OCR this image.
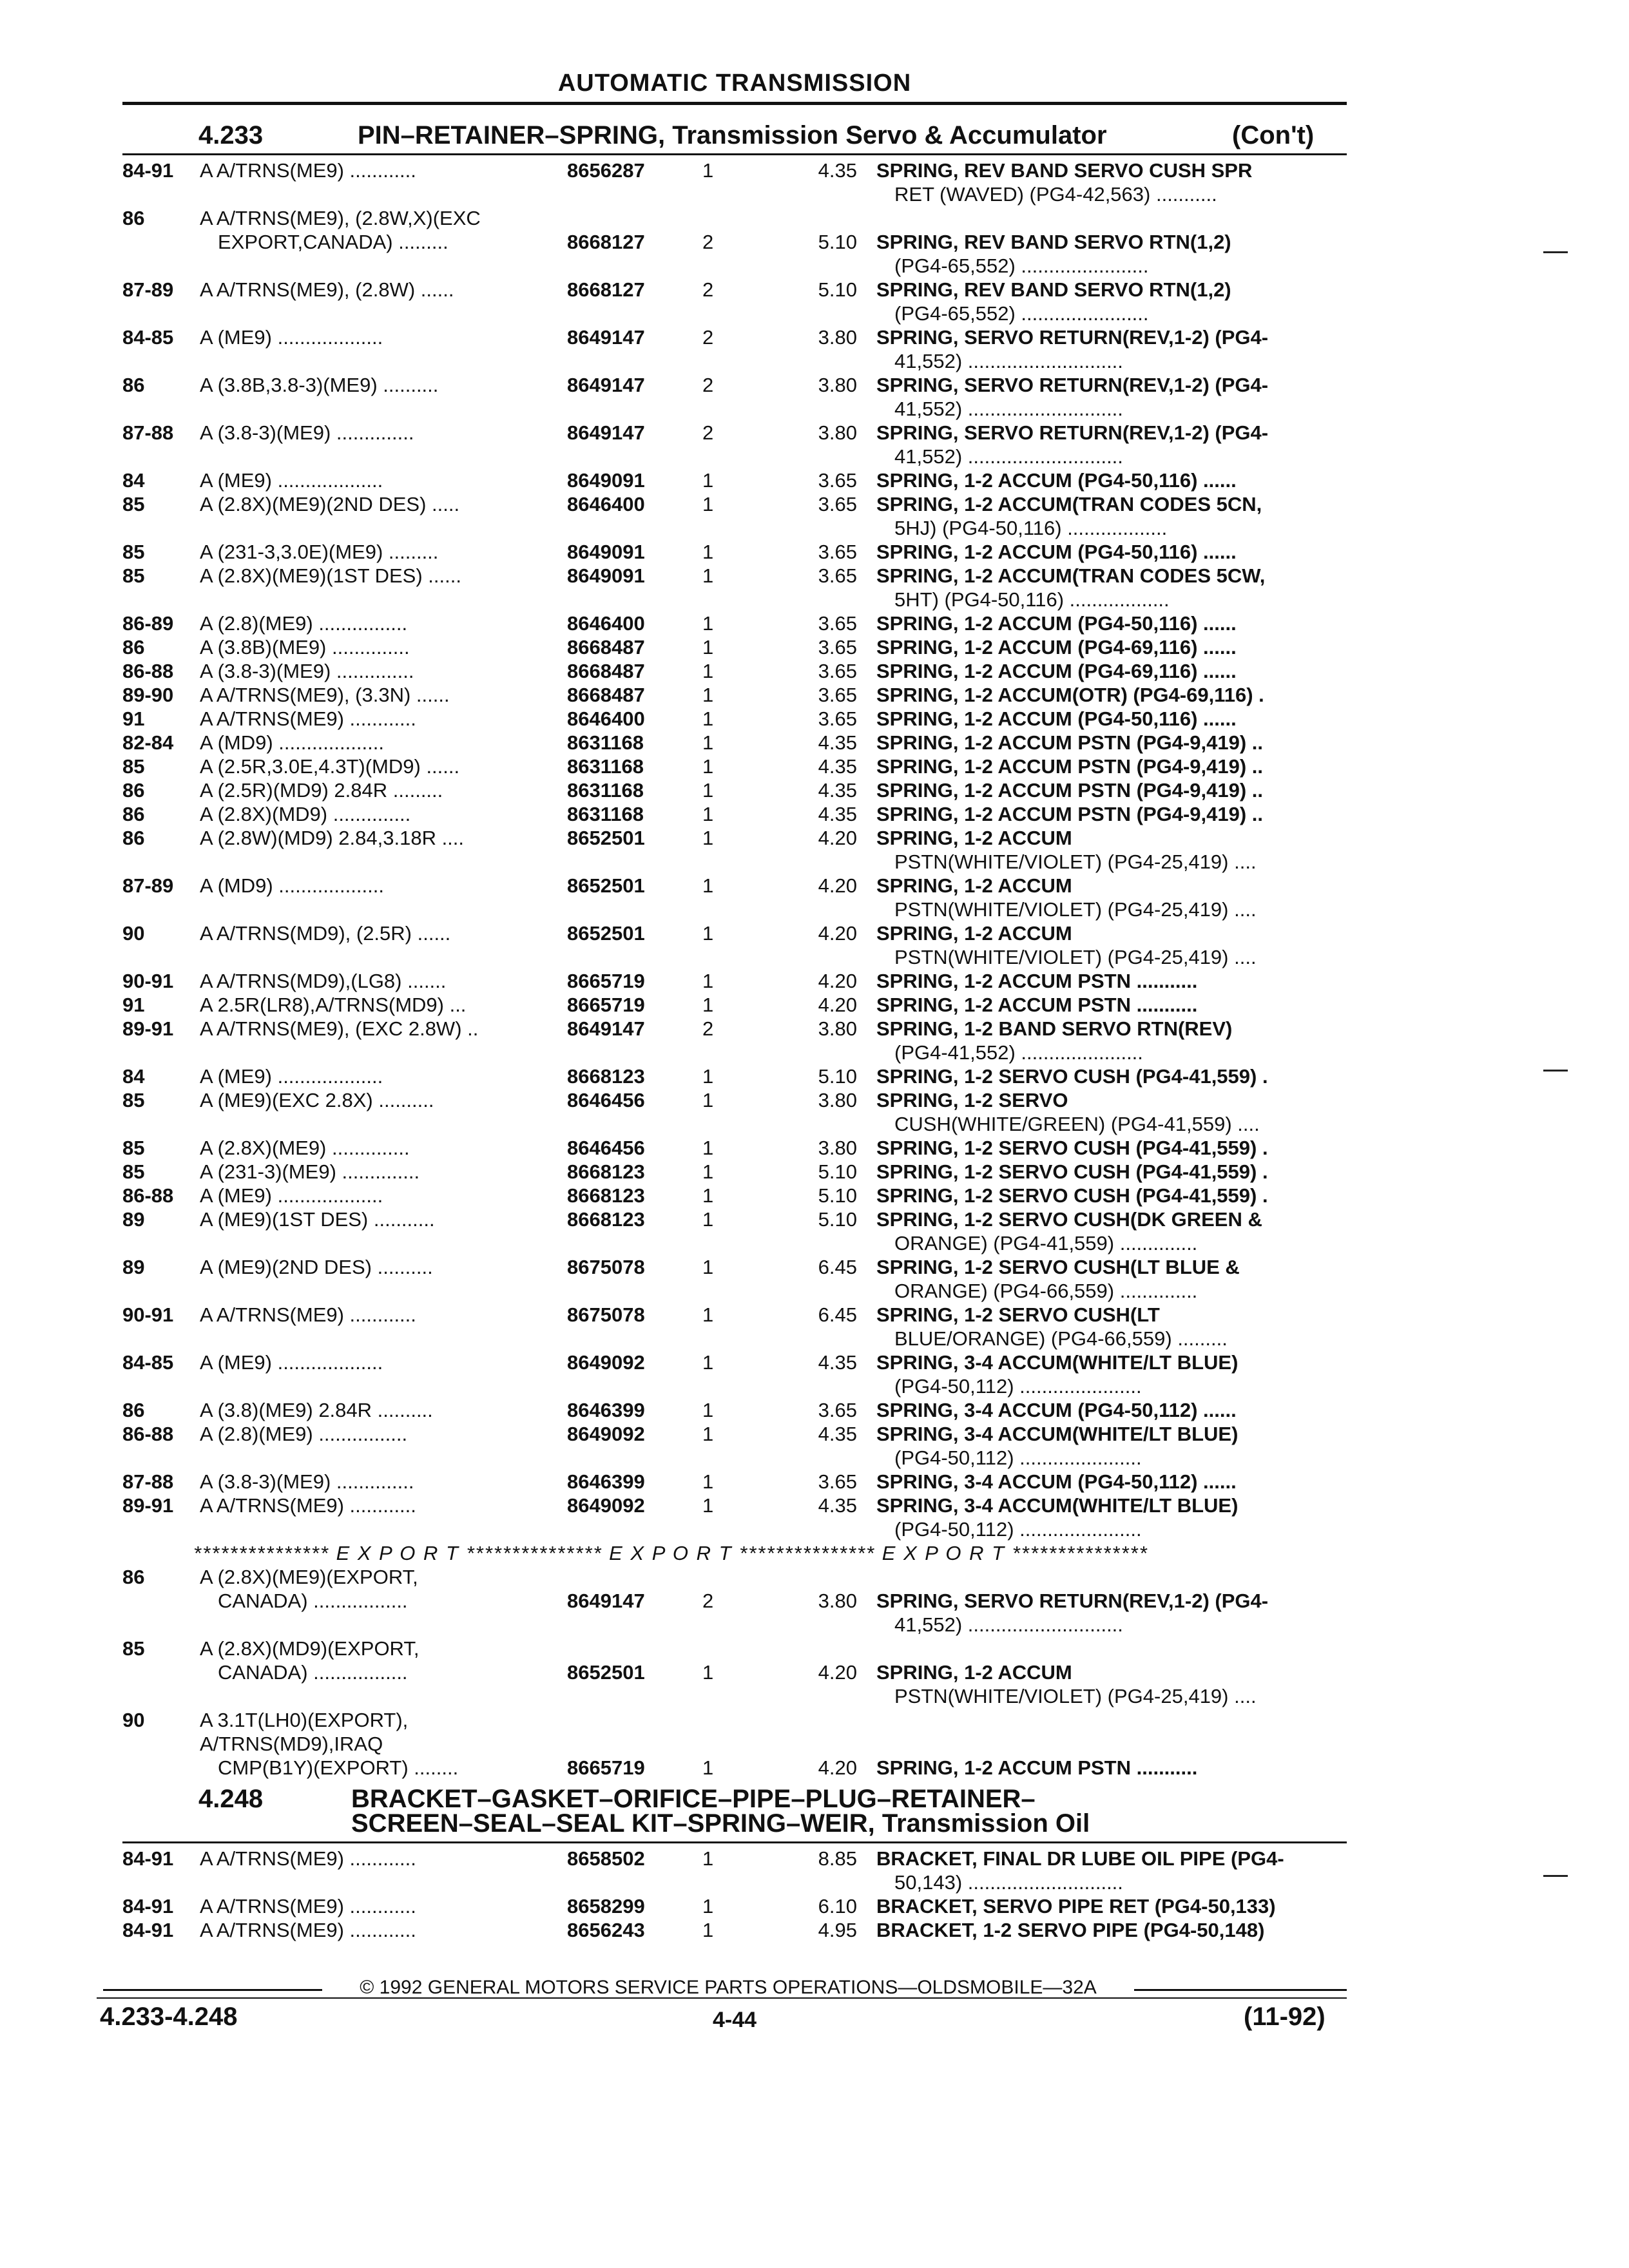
AUTOMATIC TRANSMISSION
4.233	PIN–RETAINER–SPRING, Transmission Servo & Accumulator	(Con't)
4.248	BRACKET–GASKET–ORIFICE–PIPE–PLUG–RETAINER–
SCREEN–SEAL–SEAL KIT–SPRING–WEIR, Transmission Oil
84-91	A A/TRNS(ME9) ............	8656287	1	4.35 SPRING, REV BAND SERVO CUSH SPR
RET (WAVED) (PG4-42,563) ...........
86	A A/TRNS(ME9), (2.8W,X)(EXC
EXPORT,CANADA) .........	8668127	2	5.10 SPRING, REV BAND SERVO RTN(1,2)
(PG4-65,552) .......................
87-89	A A/TRNS(ME9), (2.8W) ......	8668127	2	5.10 SPRING, REV BAND SERVO RTN(1,2)
(PG4-65,552) .......................
84-85	A (ME9) ...................	8649147	2	3.80 SPRING, SERVO RETURN(REV,1-2) (PG4-
41,552) ............................
86	A (3.8B,3.8-3)(ME9) ..........	8649147	2	3.80 SPRING, SERVO RETURN(REV,1-2) (PG4-
41,552) ............................
87-88	A (3.8-3)(ME9) ..............	8649147	2	3.80 SPRING, SERVO RETURN(REV,1-2) (PG4-
41,552) ............................
84	A (ME9) ...................	8649091	1	3.65 SPRING, 1-2 ACCUM (PG4-50,116) ......
85	A (2.8X)(ME9)(2ND DES) .....	8646400	1	3.65 SPRING, 1-2 ACCUM(TRAN CODES 5CN,
5HJ) (PG4-50,116) ..................
85	A (231-3,3.0E)(ME9) .........	8649091	1	3.65 SPRING, 1-2 ACCUM (PG4-50,116) ......
85	A (2.8X)(ME9)(1ST DES) ......	8649091	1	3.65 SPRING, 1-2 ACCUM(TRAN CODES 5CW,
5HT) (PG4-50,116) ..................
86-89	A (2.8)(ME9) ................	8646400	1	3.65 SPRING, 1-2 ACCUM (PG4-50,116) ......
86	A (3.8B)(ME9) ..............	8668487	1	3.65 SPRING, 1-2 ACCUM (PG4-69,116) ......
86-88	A (3.8-3)(ME9) ..............	8668487	1	3.65 SPRING, 1-2 ACCUM (PG4-69,116) ......
89-90	A A/TRNS(ME9), (3.3N) ......	8668487	1	3.65 SPRING, 1-2 ACCUM(OTR) (PG4-69,116) .
91	A A/TRNS(ME9) ............	8646400	1	3.65 SPRING, 1-2 ACCUM (PG4-50,116) ......
82-84	A (MD9) ...................	8631168	1	4.35 SPRING, 1-2 ACCUM PSTN (PG4-9,419) ..
85	A (2.5R,3.0E,4.3T)(MD9) ......	8631168	1	4.35 SPRING, 1-2 ACCUM PSTN (PG4-9,419) ..
86	A (2.5R)(MD9) 2.84R .........	8631168	1	4.35 SPRING, 1-2 ACCUM PSTN (PG4-9,419) ..
86	A (2.8X)(MD9) ..............	8631168	1	4.35 SPRING, 1-2 ACCUM PSTN (PG4-9,419) ..
86	A (2.8W)(MD9) 2.84,3.18R ....	8652501	1	4.20 SPRING, 1-2 ACCUM
PSTN(WHITE/VIOLET) (PG4-25,419) ....
87-89	A (MD9) ...................	8652501	1	4.20 SPRING, 1-2 ACCUM
PSTN(WHITE/VIOLET) (PG4-25,419) ....
90	A A/TRNS(MD9), (2.5R) ......	8652501	1	4.20 SPRING, 1-2 ACCUM
PSTN(WHITE/VIOLET) (PG4-25,419) ....
90-91	A A/TRNS(MD9),(LG8) .......	8665719	1	4.20 SPRING, 1-2 ACCUM PSTN ...........
91	A 2.5R(LR8),A/TRNS(MD9) ...	8665719	1	4.20 SPRING, 1-2 ACCUM PSTN ...........
89-91	A A/TRNS(ME9), (EXC 2.8W) ..	8649147	2	3.80 SPRING, 1-2 BAND SERVO RTN(REV)
(PG4-41,552) ......................
84	A (ME9) ...................	8668123	1	5.10 SPRING, 1-2 SERVO CUSH (PG4-41,559) .
85	A (ME9)(EXC 2.8X) ..........	8646456	1	3.80 SPRING, 1-2 SERVO
CUSH(WHITE/GREEN) (PG4-41,559) ....
85	A (2.8X)(ME9) ..............	8646456	1	3.80 SPRING, 1-2 SERVO CUSH (PG4-41,559) .
85	A (231-3)(ME9) ..............	8668123	1	5.10 SPRING, 1-2 SERVO CUSH (PG4-41,559) .
86-88	A (ME9) ...................	8668123	1	5.10 SPRING, 1-2 SERVO CUSH (PG4-41,559) .
89	A (ME9)(1ST DES) ...........	8668123	1	5.10 SPRING, 1-2 SERVO CUSH(DK GREEN &
ORANGE) (PG4-41,559) ..............
89	A (ME9)(2ND DES) ..........	8675078	1	6.45 SPRING, 1-2 SERVO CUSH(LT BLUE &
ORANGE) (PG4-66,559) ..............
90-91	A A/TRNS(ME9) ............	8675078	1	6.45 SPRING, 1-2 SERVO CUSH(LT
BLUE/ORANGE) (PG4-66,559) .........
84-85	A (ME9) ...................	8649092	1	4.35 SPRING, 3-4 ACCUM(WHITE/LT BLUE)
(PG4-50,112) ......................
86	A (3.8)(ME9) 2.84R ..........	8646399	1	3.65 SPRING, 3-4 ACCUM (PG4-50,112) ......
86-88	A (2.8)(ME9) ................	8649092	1	4.35 SPRING, 3-4 ACCUM(WHITE/LT BLUE)
(PG4-50,112) ......................
87-88	A (3.8-3)(ME9) ..............	8646399	1	3.65 SPRING, 3-4 ACCUM (PG4-50,112) ......
89-91	A A/TRNS(ME9) ............	8649092	1	4.35 SPRING, 3-4 ACCUM(WHITE/LT BLUE)
(PG4-50,112) ......................
*************** E X P O R T *************** E X P O R T *************** E X P O R T ***************
86	A (2.8X)(ME9)(EXPORT,
CANADA) .................	8649147	2	3.80 SPRING, SERVO RETURN(REV,1-2) (PG4-
41,552) ............................
85	A (2.8X)(MD9)(EXPORT,
CANADA) .................	8652501	1	4.20 SPRING, 1-2 ACCUM
PSTN(WHITE/VIOLET) (PG4-25,419) ....
90	A 3.1T(LH0)(EXPORT),
A/TRNS(MD9),IRAQ
CMP(B1Y)(EXPORT) ........	8665719	1	4.20 SPRING, 1-2 ACCUM PSTN ...........
84-91	A A/TRNS(ME9) ............	8658502	1	8.85 BRACKET, FINAL DR LUBE OIL PIPE (PG4-
50,143) ............................
84-91	A A/TRNS(ME9) ............	8658299	1	6.10 BRACKET, SERVO PIPE RET (PG4-50,133)
84-91	A A/TRNS(ME9) ............	8656243	1	4.95 BRACKET, 1-2 SERVO PIPE (PG4-50,148)
© 1992 GENERAL MOTORS SERVICE PARTS OPERATIONS—OLDSMOBILE—32A
4.233-4.248	4-44	(11-92)
